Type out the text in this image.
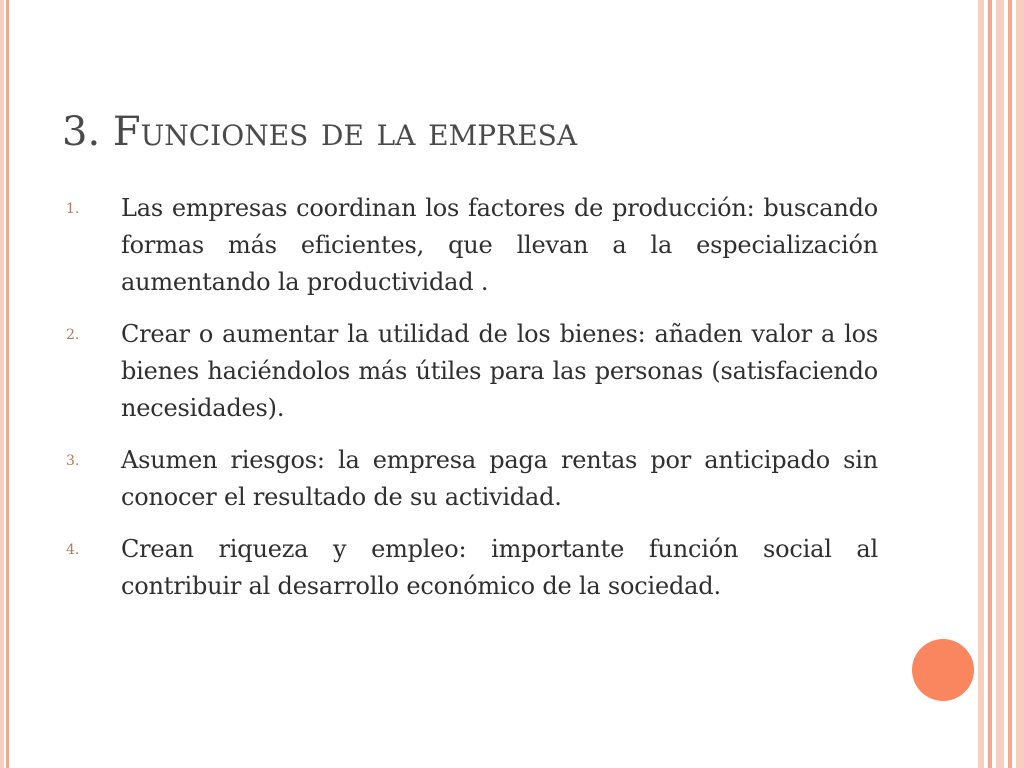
3. Funciones de la empresa
1. Las empresas coordinan los factores de producción: buscando formas más eficientes, que llevan a la especialización aumentando la productividad .
2. Crear o aumentar la utilidad de los bienes: añaden valor a los bienes haciéndolos más útiles para las personas (satisfaciendo necesidades).
3. Asumen riesgos: la empresa paga rentas por anticipado sin conocer el resultado de su actividad.
4. Crean riqueza y empleo: importante función social al contribuir al desarrollo económico de la sociedad.
